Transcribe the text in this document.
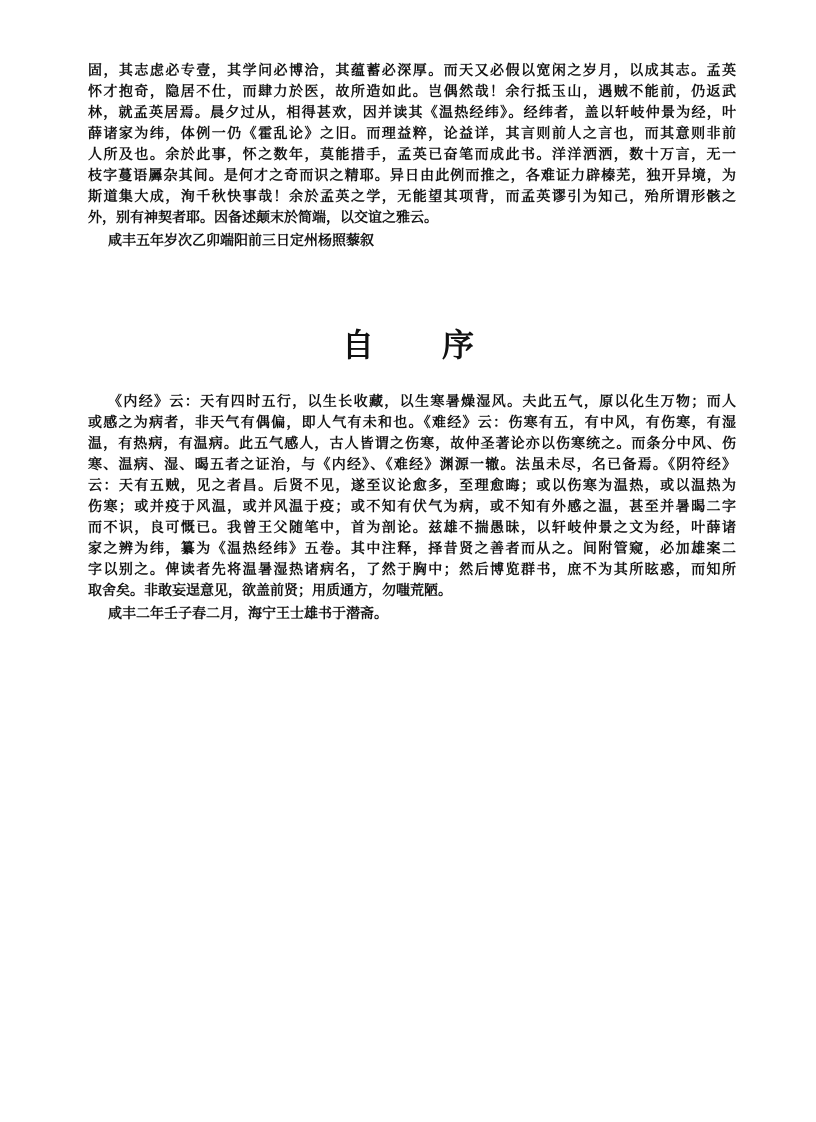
固，其志虑必专壹，其学问必博洽，其蕴蓄必深厚。而天又必假以宽闲之岁月，以成其志。孟英
怀才抱奇，隐居不仕，而肆力於医，故所造如此。岂偶然哉！余行抵玉山，遇贼不能前，仍返武
林，就孟英居焉。晨夕过从，相得甚欢，因并读其《温热经纬》。经纬者，盖以轩岐仲景为经，叶
薛诸家为纬，体例一仍《霍乱论》之旧。而理益粹，论益详，其言则前人之言也，而其意则非前
人所及也。余於此事，怀之数年，莫能措手，孟英已奋笔而成此书。洋洋洒洒，数十万言，无一
枝字蔓语羼杂其间。是何才之奇而识之精耶。异日由此例而推之，各难证力辟榛芜，独开异境，为
斯道集大成，洵千秋快事哉！余於孟英之学，无能望其项背，而孟英谬引为知己，殆所谓形骸之
外，别有神契者耶。因备述颠末於简端，以交谊之雅云。
咸丰五年岁次乙卯端阳前三日定州杨照藜叙
自 序
《内经》云：天有四时五行，以生长收藏，以生寒暑燥湿风。夫此五气，原以化生万物；而人
或感之为病者，非天气有偶偏，即人气有未和也。《难经》云：伤寒有五，有中风，有伤寒，有湿
温，有热病，有温病。此五气感人，古人皆谓之伤寒，故仲圣著论亦以伤寒统之。而条分中风、伤
寒、温病、湿、暍五者之证治，与《内经》、《难经》渊源一辙。法虽未尽，名已备焉。《阴符经》
云：天有五贼，见之者昌。后贤不见，遂至议论愈多，至理愈晦；或以伤寒为温热，或以温热为
伤寒；或并疫于风温，或并风温于疫；或不知有伏气为病，或不知有外感之温，甚至并暑暍二字
而不识，良可慨已。我曾王父随笔中，首为剖论。兹雄不揣愚昧，以轩岐仲景之文为经，叶薛诸
家之辨为纬，纂为《温热经纬》五卷。其中注释，择昔贤之善者而从之。间附管窥，必加雄案二
字以别之。俾读者先将温暑湿热诸病名，了然于胸中；然后博览群书，庶不为其所眩惑，而知所
取舍矣。非敢妄逞意见，欲盖前贤；用质通方，勿嗤荒陋。
咸丰二年壬子春二月，海宁王士雄书于潜斋。
